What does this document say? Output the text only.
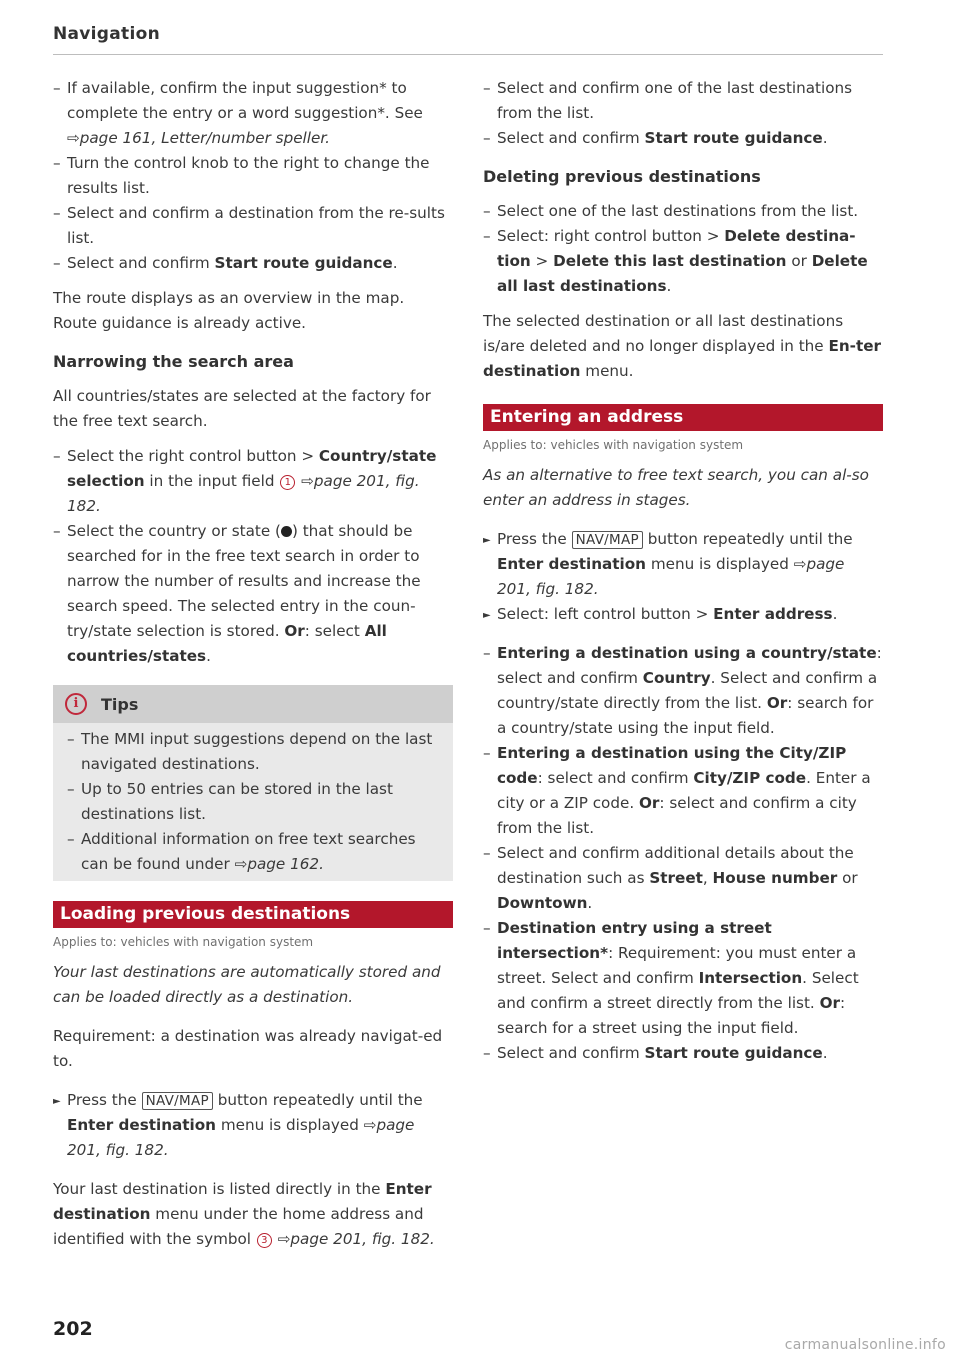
Navigation
– If available, confirm the input suggestion* to complete the entry or a word suggestion*. See ⇨page 161, Letter/number speller.
– Turn the control knob to the right to change the results list.
– Select and confirm a destination from the re-sults list.
– Select and confirm Start route guidance.

The route displays as an overview in the map. Route guidance is already active.

Narrowing the search area

All countries/states are selected at the factory for the free text search.

– Select the right control button > Country/state selection in the input field 1 ⇨page 201, fig. 182.
– Select the country or state ( ) that should be searched for in the free text search in order to narrow the number of results and increase the search speed. The selected entry in the coun-try/state selection is stored. Or: select All countries/states.
i	Tips
– The MMI input suggestions depend on the last navigated destinations.
– Up to 50 entries can be stored in the last destinations list.
– Additional information on free text searches can be found under ⇨page 162.
Loading previous destinations
Applies to: vehicles with navigation system

Your last destinations are automatically stored and can be loaded directly as a destination.

Requirement: a destination was already navigat-ed to.

► Press the NAV/MAP button repeatedly until the Enter destination menu is displayed ⇨page 201, fig. 182.

Your last destination is listed directly in the Enter destination menu under the home address and identified with the symbol 3 ⇨page 201, fig. 182.

– Select and confirm one of the last destinations from the list.
– Select and confirm Start route guidance.
Deleting previous destinations
– Select one of the last destinations from the list.
– Select: right control button > Delete destina-tion > Delete this last destination or Delete all last destinations.

The selected destination or all last destinations is/are deleted and no longer displayed in the En-ter destination menu.

Entering an address
Applies to: vehicles with navigation system

As an alternative to free text search, you can al-so enter an address in stages.

► Press the NAV/MAP button repeatedly until the Enter destination menu is displayed ⇨page 201, fig. 182.
► Select: left control button > Enter address.
– Entering a destination using a country/state: select and confirm Country. Select and confirm a country/state directly from the list. Or: search for a country/state using the input field.
– Entering a destination using the City/ZIP code: select and confirm City/ZIP code. Enter a city or a ZIP code. Or: select and confirm a city from the list.
– Select and confirm additional details about the destination such as Street, House number or Downtown.
– Destination entry using a street intersection*: Requirement: you must enter a street. Select and confirm Intersection. Select and confirm a street directly from the list. Or: search for a street using the input field.
– Select and confirm Start route guidance.
202
carmanualsonline.info
